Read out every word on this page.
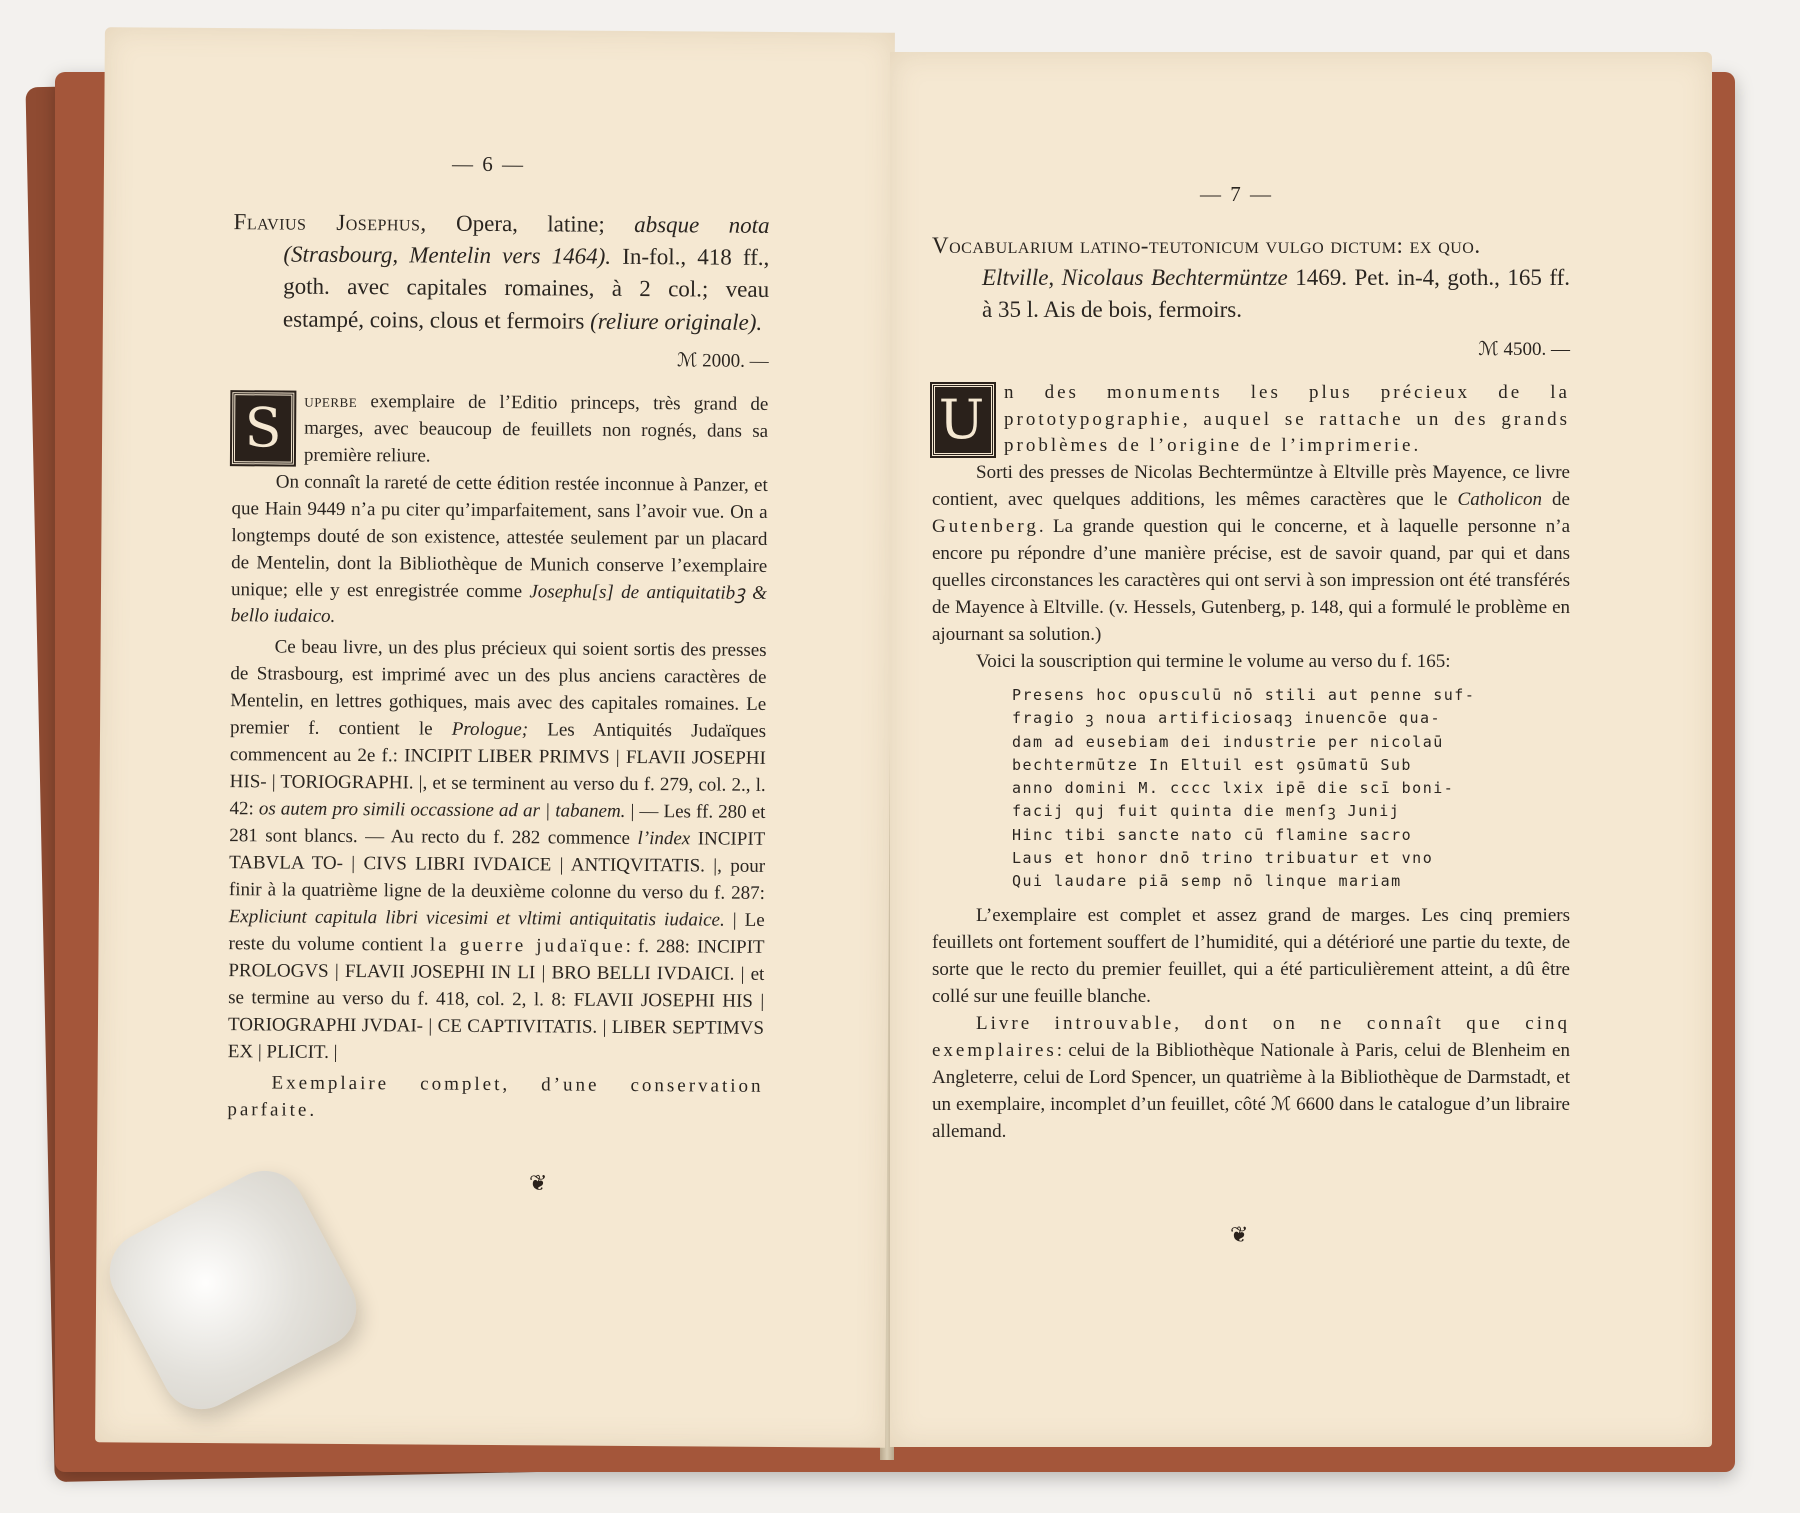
— 6 —

Flavius Josephus, Opera, latine; absque nota (Strasbourg, Mentelin vers 1464). In-fol., 418 ff., goth. avec capitales romaines, à 2 col.; veau estampé, coins, clous et fermoirs (reliure originale).

ℳ 2000. —

S	uperbe exemplaire de l’Editio princeps, très grand de marges, avec beaucoup de feuillets non rognés, dans sa première reliure.

On connaît la rareté de cette édition restée inconnue à Panzer, et que Hain 9449 n’a pu citer qu’imparfaitement, sans l’avoir vue. On a longtemps douté de son existence, attestée seulement par un placard de Mentelin, dont la Bibliothèque de Munich conserve l’exemplaire unique; elle y est enregistrée comme Josephu[s] de antiquitatibꝫ & bello iudaico.

Ce beau livre, un des plus précieux qui soient sortis des presses de Strasbourg, est imprimé avec un des plus anciens caractères de Mentelin, en lettres gothiques, mais avec des capitales romaines. Le premier f. contient le Prologue; Les Antiquités Judaïques commencent au 2e f.: INCIPIT LIBER PRIMVS | FLAVII JOSEPHI HIS- | TORIOGRAPHI. |, et se terminent au verso du f. 279, col. 2., l. 42: os autem pro simili occassione ad ar | tabanem. | — Les ff. 280 et 281 sont blancs. — Au recto du f. 282 commence l’index INCIPIT TABVLA TO- | CIVS LIBRI IVDAICE | ANTIQVITATIS. |, pour finir à la quatrième ligne de la deuxième colonne du verso du f. 287: Expliciunt capitula libri vicesimi et vltimi antiquitatis iudaice. | Le reste du volume contient la guerre judaïque: f. 288: INCIPIT PROLOGVS | FLAVII JOSEPHI IN LI | BRO BELLI IVDAICI. | et se termine au verso du f. 418, col. 2, l. 8: FLAVII JOSEPHI HIS | TORIOGRAPHI JVDAI- | CE CAPTIVITATIS. | LIBER SEPTIMVS EX | PLICIT. |

Exemplaire complet, d’une conservation parfaite.

❦
— 7 —

Vocabularium latino-teutonicum vulgo dictum: ex quo.
Eltville, Nicolaus Bechtermüntze 1469. Pet. in-4, goth., 165 ff. à 35 l. Ais de bois, fermoirs.

ℳ 4500. —

U n des monuments les plus précieux de la prototypographie, auquel se rattache un des grands problèmes de l’origine de l’imprimerie.

Sorti des presses de Nicolas Bechtermüntze à Eltville près Mayence, ce livre contient, avec quelques additions, les mêmes caractères que le Catholicon de Gutenberg. La grande question qui le concerne, et à laquelle personne n’a encore pu répondre d’une manière précise, est de savoir quand, par qui et dans quelles circonstances les caractères qui ont servi à son impression ont été transférés de Mayence à Eltville. (v. Hessels, Gutenberg, p. 148, qui a formulé le problème en ajournant sa solution.)

Voici la souscription qui termine le volume au verso du f. 165:

Presens hoc opusculū nō stili aut penne suf-
fragio ꝫ noua artificiosaqꝫ inuencōe qua-
dam ad eusebiam dei industrie per nicolaū
bechtermūtze In Eltuil est ꝯsūmatū Sub
anno domini M. cccc lxix ipē die scī boni-
facij quj fuit quinta die menſꝫ Junij
Hinc tibi sancte nato cū flamine sacro
Laus et honor dnō trino tribuatur et vno
Qui laudare piā semp nō linque mariam

L’exemplaire est complet et assez grand de marges. Les cinq premiers feuillets ont fortement souffert de l’humidité, qui a détérioré une partie du texte, de sorte que le recto du premier feuillet, qui a été particulièrement atteint, a dû être collé sur une feuille blanche.

Livre introuvable, dont on ne connaît que cinq exemplaires: celui de la Bibliothèque Nationale à Paris, celui de Blenheim en Angleterre, celui de Lord Spencer, un quatrième à la Bibliothèque de Darmstadt, et un exemplaire, incomplet d’un feuillet, côté ℳ 6600 dans le catalogue d’un libraire allemand.

❦
